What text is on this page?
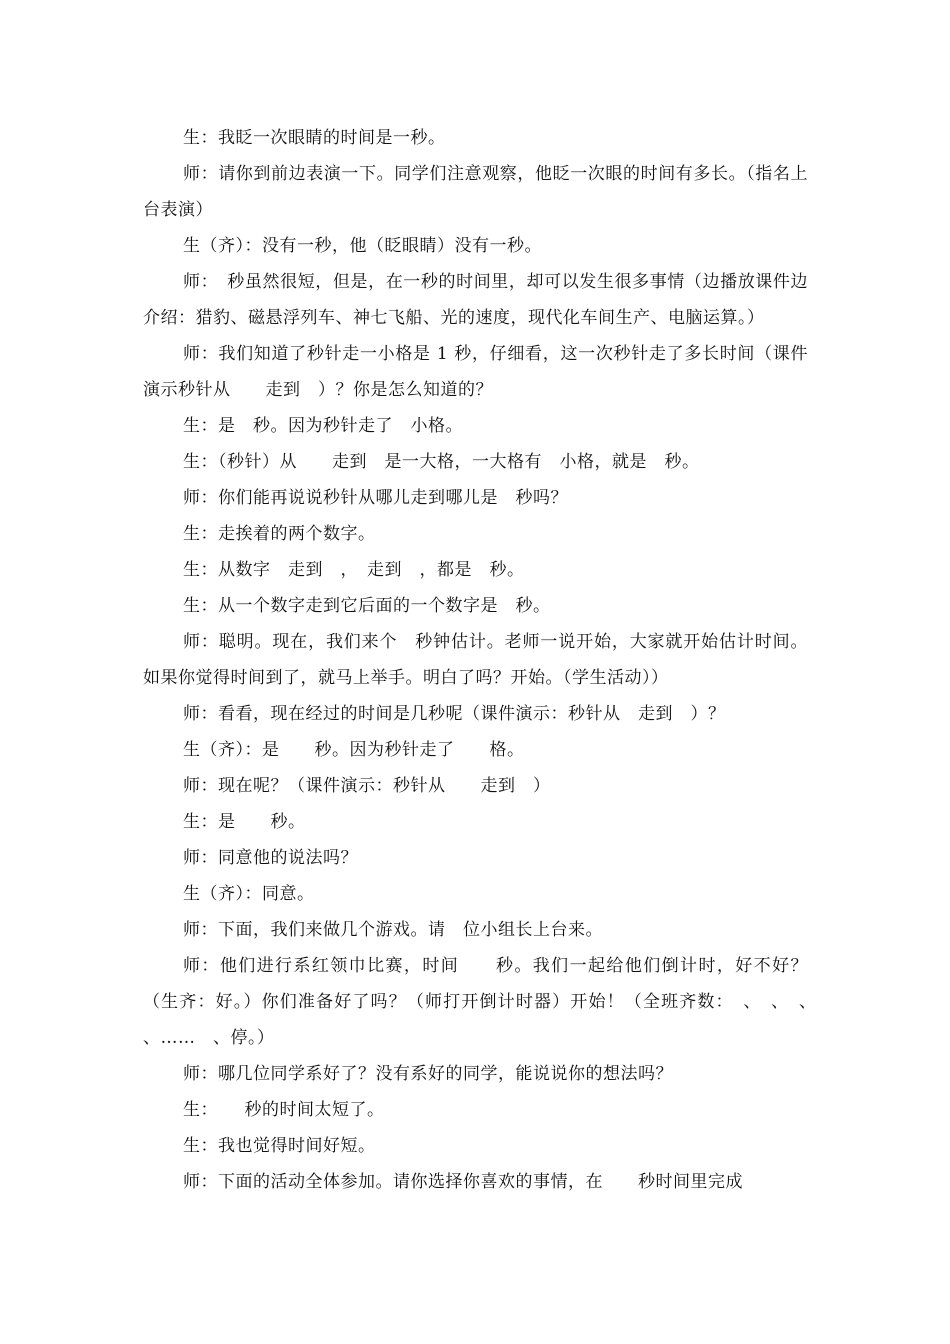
生：我眨一次眼睛的时间是一秒。

师：请你到前边表演一下。同学们注意观察，他眨一次眼的时间有多长。（指名上台表演）

生（齐）：没有一秒，他（眨眼睛）没有一秒。

师：　秒虽然很短，但是，在一秒的时间里，却可以发生很多事情（边播放课件边介绍：猎豹、磁悬浮列车、神七飞船、光的速度，现代化车间生产、电脑运算。）

师：我们知道了秒针走一小格是 1 秒，仔细看，这一次秒针走了多长时间（课件演示秒针从　　走到　）？你是怎么知道的？

生：是　秒。因为秒针走了　小格。

生：（秒针）从　　走到　是一大格，一大格有　小格，就是　秒。

师：你们能再说说秒针从哪儿走到哪儿是　秒吗？

生：走挨着的两个数字。

生：从数字　走到　，　走到　，都是　秒。

生：从一个数字走到它后面的一个数字是　秒。

师：聪明。现在，我们来个　秒钟估计。老师一说开始，大家就开始估计时间。如果你觉得时间到了，就马上举手。明白了吗？开始。（学生活动））

师：看看，现在经过的时间是几秒呢（课件演示：秒针从　走到　）？

生（齐）：是　　秒。因为秒针走了　　格。

师：现在呢？（课件演示：秒针从　　走到　）

生：是　　秒。

师：同意他的说法吗？

生（齐）：同意。

师：下面，我们来做几个游戏。请　位小组长上台来。

师：他们进行系红领巾比赛，时间　　秒。我们一起给他们倒计时，好不好？（生齐：好。）你们准备好了吗？（师打开倒计时器）开始！（全班齐数：　、　、　、　、……　、停。）

师：哪几位同学系好了？没有系好的同学，能说说你的想法吗？

生：　　秒的时间太短了。

生：我也觉得时间好短。

师：下面的活动全体参加。请你选择你喜欢的事情，在　　秒时间里完成
